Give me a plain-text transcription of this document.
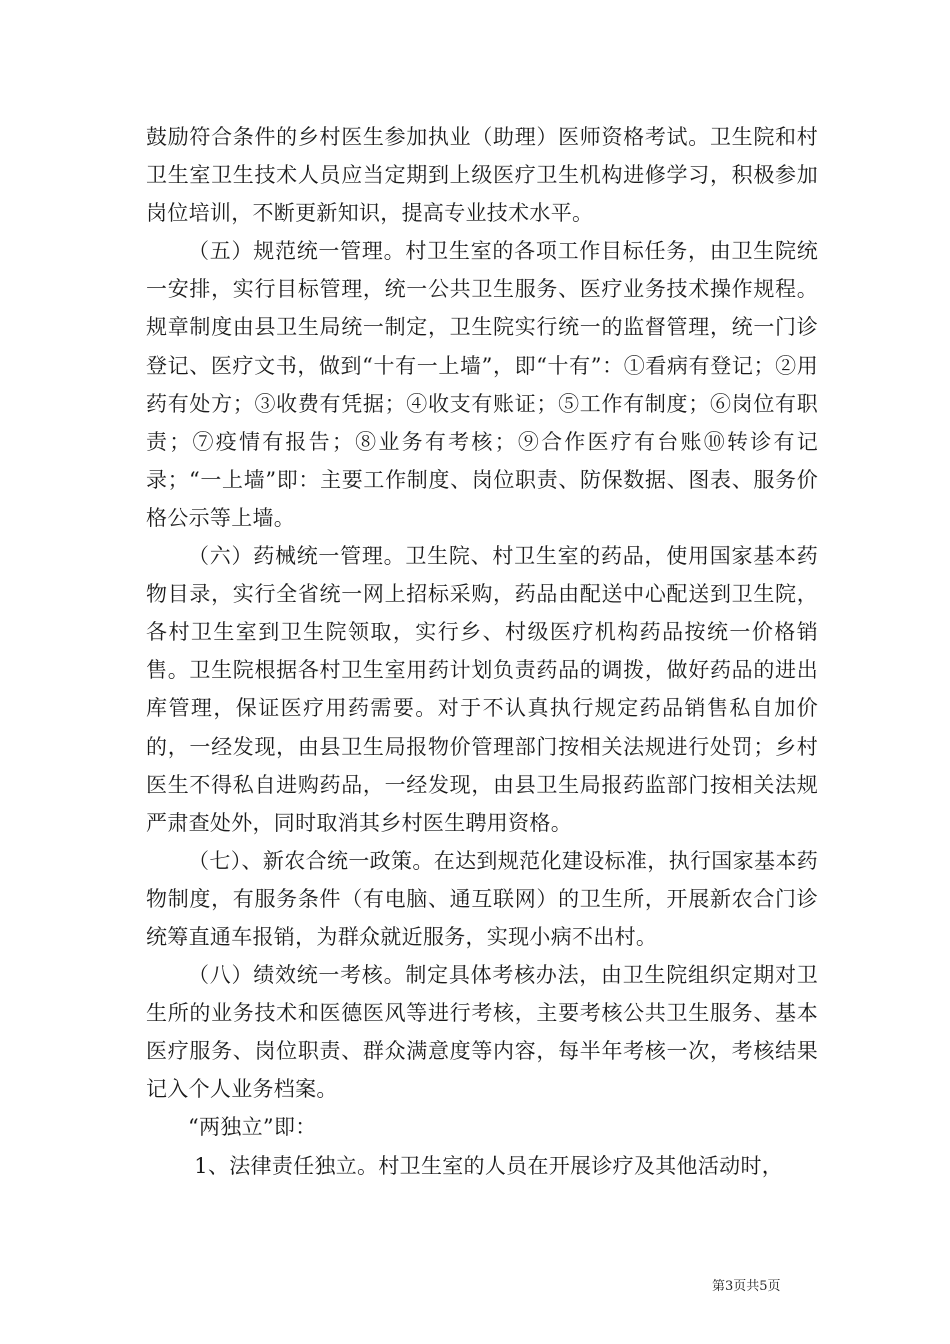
鼓励符合条件的乡村医生参加执业（助理）医师资格考试。卫生院和村卫生室卫生技术人员应当定期到上级医疗卫生机构进修学习，积极参加岗位培训，不断更新知识，提高专业技术水平。

（五）规范统一管理。村卫生室的各项工作目标任务，由卫生院统一安排，实行目标管理，统一公共卫生服务、医疗业务技术操作规程。规章制度由县卫生局统一制定，卫生院实行统一的监督管理，统一门诊登记、医疗文书，做到“十有一上墙”，即“十有”：①看病有登记；②用药有处方；③收费有凭据；④收支有账证；⑤工作有制度；⑥岗位有职责；⑦疫情有报告；⑧业务有考核；⑨合作医疗有台账⑩转诊有记录；“一上墙”即：主要工作制度、岗位职责、防保数据、图表、服务价格公示等上墙。

（六）药械统一管理。卫生院、村卫生室的药品，使用国家基本药物目录，实行全省统一网上招标采购，药品由配送中心配送到卫生院，各村卫生室到卫生院领取，实行乡、村级医疗机构药品按统一价格销售。卫生院根据各村卫生室用药计划负责药品的调拨，做好药品的进出库管理，保证医疗用药需要。对于不认真执行规定药品销售私自加价的，一经发现，由县卫生局报物价管理部门按相关法规进行处罚；乡村医生不得私自进购药品，一经发现，由县卫生局报药监部门按相关法规严肃查处外，同时取消其乡村医生聘用资格。

（七）、新农合统一政策。在达到规范化建设标准，执行国家基本药物制度，有服务条件（有电脑、通互联网）的卫生所，开展新农合门诊统筹直通车报销，为群众就近服务，实现小病不出村。

（八）绩效统一考核。制定具体考核办法，由卫生院组织定期对卫生所的业务技术和医德医风等进行考核，主要考核公共卫生服务、基本医疗服务、岗位职责、群众满意度等内容，每半年考核一次，考核结果记入个人业务档案。

“两独立”即：

1、法律责任独立。村卫生室的人员在开展诊疗及其他活动时，

第3页共5页
